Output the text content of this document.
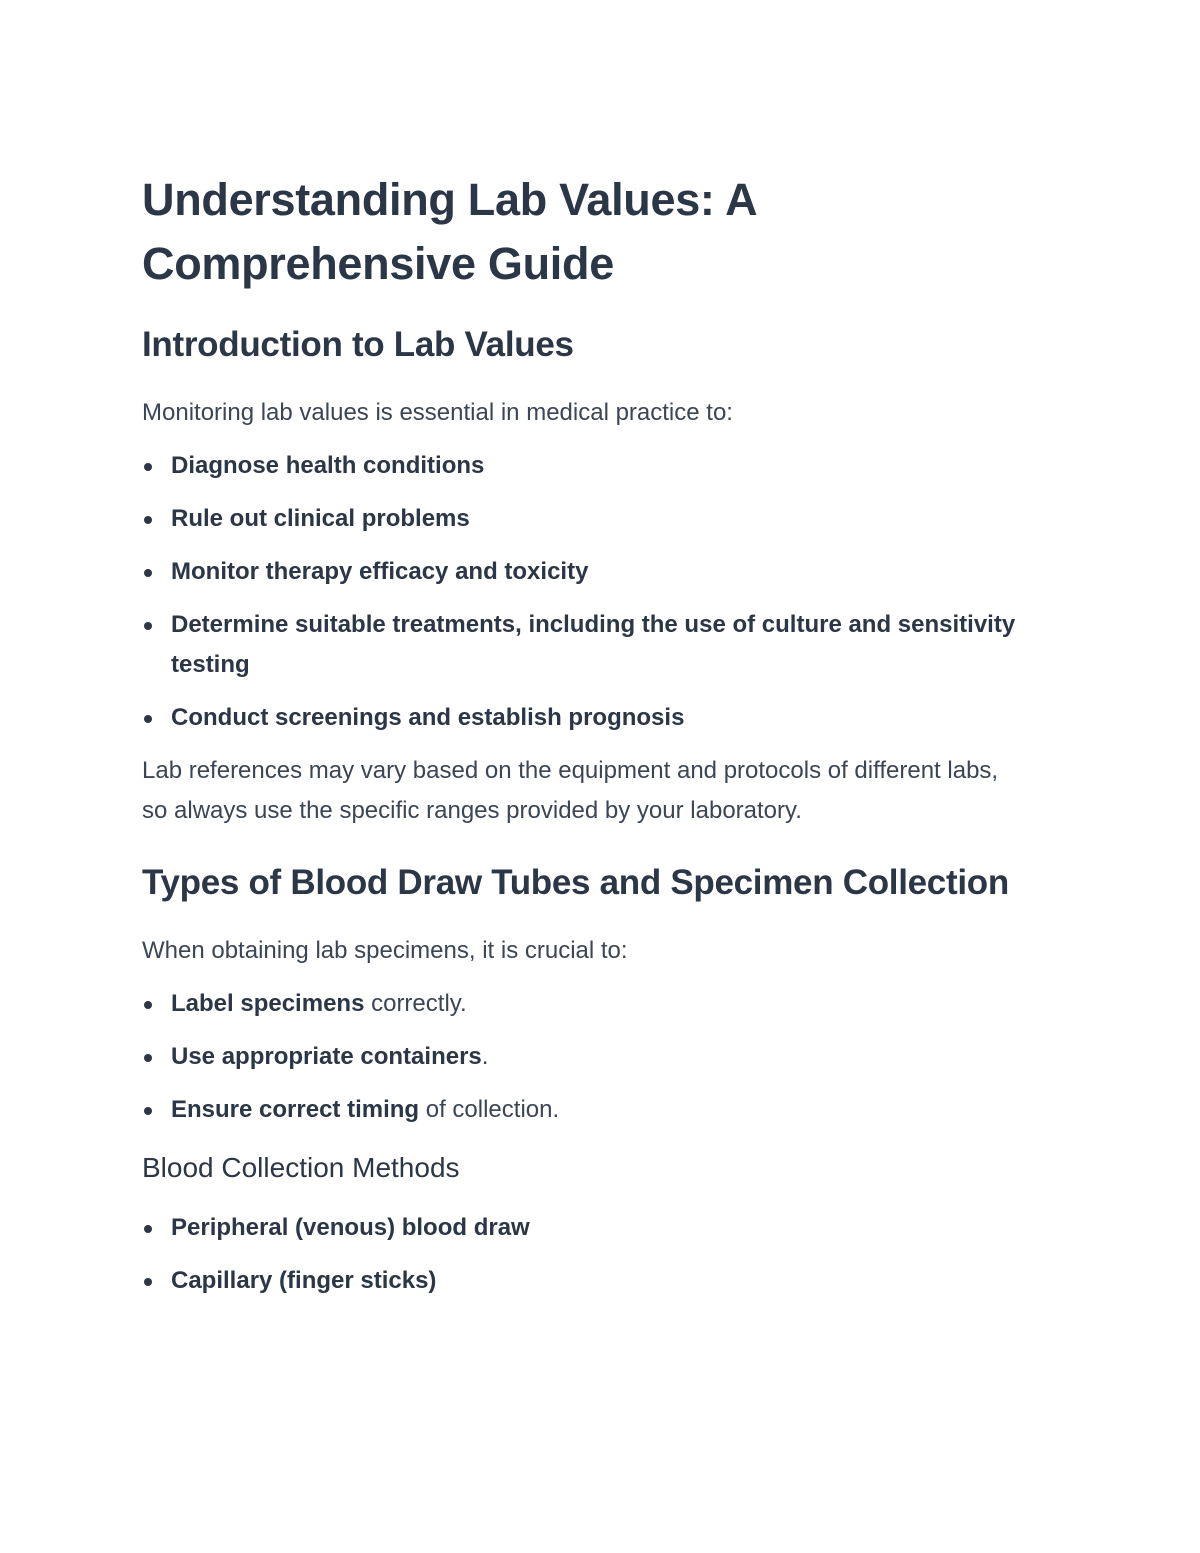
Understanding Lab Values: A Comprehensive Guide
Introduction to Lab Values

Monitoring lab values is essential in medical practice to:

Diagnose health conditions
Rule out clinical problems
Monitor therapy efficacy and toxicity
Determine suitable treatments, including the use of culture and sensitivity testing
Conduct screenings and establish prognosis

Lab references may vary based on the equipment and protocols of different labs, so always use the specific ranges provided by your laboratory.

Types of Blood Draw Tubes and Specimen Collection

When obtaining lab specimens, it is crucial to:

Label specimens correctly.
Use appropriate containers.
Ensure correct timing of collection.
Blood Collection Methods
Peripheral (venous) blood draw
Capillary (finger sticks)
